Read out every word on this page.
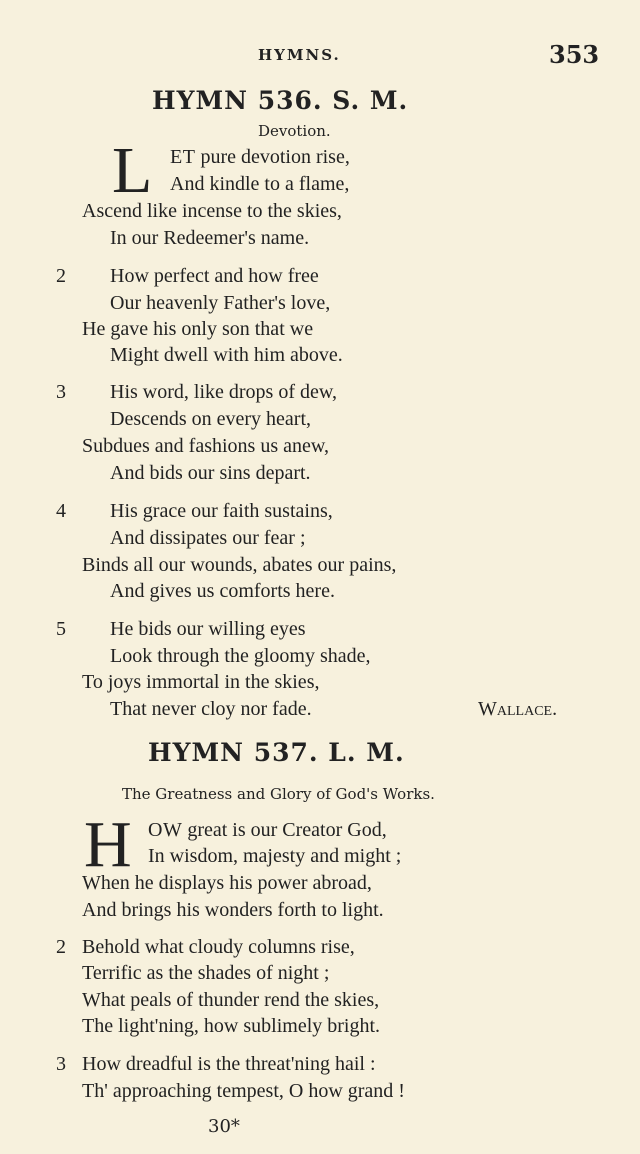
HYMNS.	353
HYMN 536. S. M.
Devotion.
L ET pure devotion rise,
And kindle to a flame,
Ascend like incense to the skies,
In our Redeemer's name.
2 How perfect and how free
Our heavenly Father's love,
He gave his only son that we
Might dwell with him above.
3 His word, like drops of dew,
Descends on every heart,
Subdues and fashions us anew,
And bids our sins depart.
4 His grace our faith sustains,
And dissipates our fear ;
Binds all our wounds, abates our pains,
And gives us comforts here.
5 He bids our willing eyes
Look through the gloomy shade,
To joys immortal in the skies,
That never cloy nor fade.	Wallace.
HYMN 537. L. M.
The Greatness and Glory of God's Works.
H OW great is our Creator God,
In wisdom, majesty and might ;
When he displays his power abroad,
And brings his wonders forth to light.
2 Behold what cloudy columns rise,
Terrific as the shades of night ;
What peals of thunder rend the skies,
The light'ning, how sublimely bright.
3 How dreadful is the threat'ning hail :
Th' approaching tempest, O how grand !
30*
